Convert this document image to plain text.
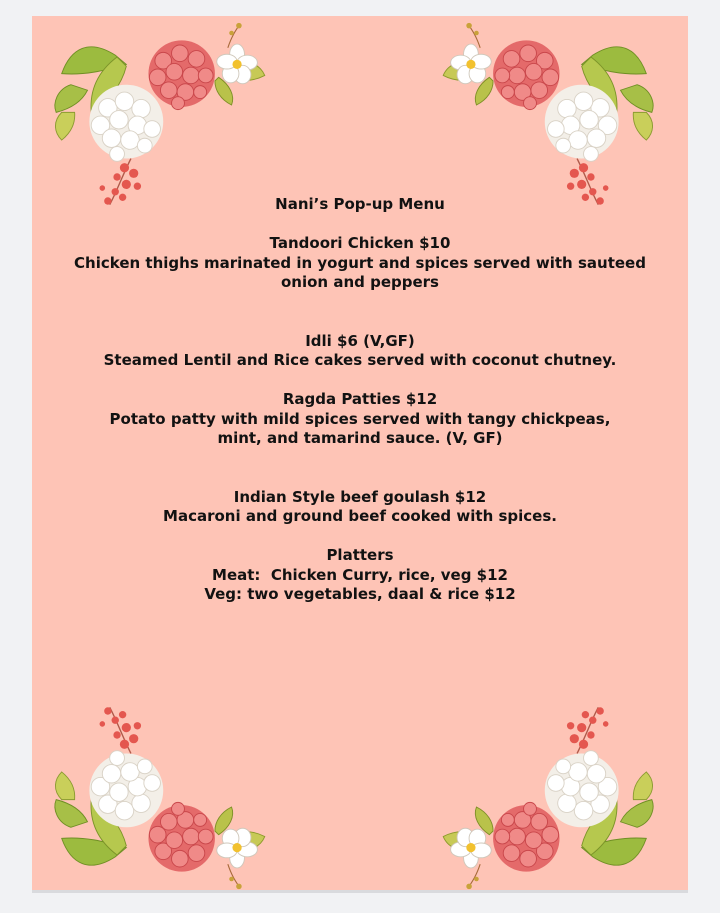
Nani’s Pop-up Menu

Tandoori Chicken $10

Chicken thighs marinated in yogurt and spices served with sauteed onion and peppers

Idli $6 (V,GF)

Steamed Lentil and Rice cakes served with coconut chutney.

Ragda Patties $12

Potato patty with mild spices served with tangy chickpeas, mint, and tamarind sauce. (V, GF)

Indian Style beef goulash $12

Macaroni and ground beef cooked with spices.

Platters

Meat:  Chicken Curry, rice, veg $12

Veg: two vegetables, daal & rice $12
